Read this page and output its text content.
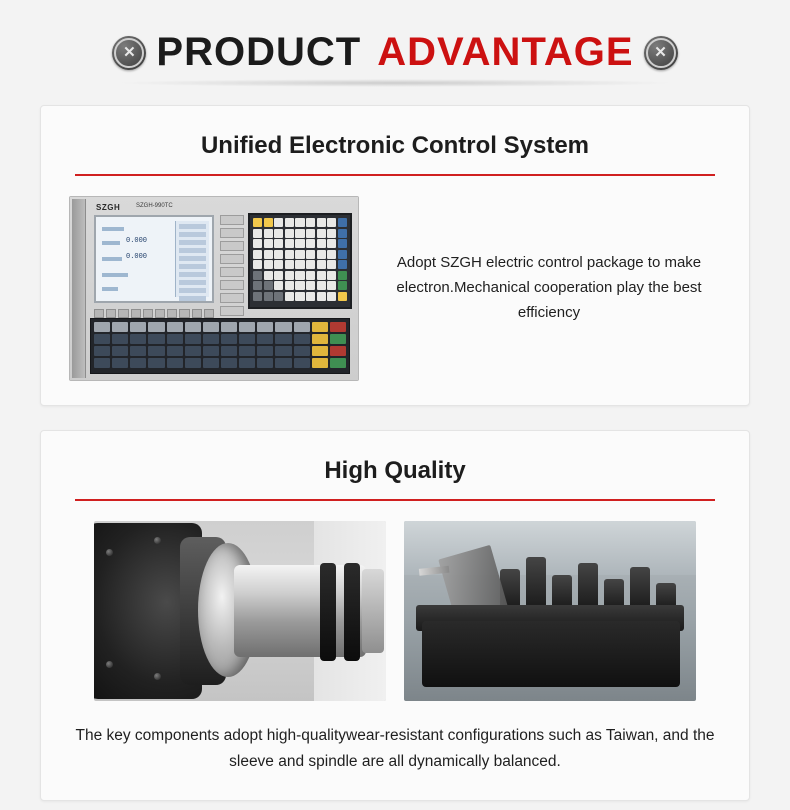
✕ PRODUCT ADVANTAGE ✕
Unified Electronic Control System
SZGH	SZGH-990TC
0.000
0.000	Adopt SZGH electric control package to make electron.Mechanical cooperation play the best efficiency
High Quality
The key components adopt high-qualitywear-resistant configurations such as Taiwan, and the sleeve and spindle are all dynamically balanced.
